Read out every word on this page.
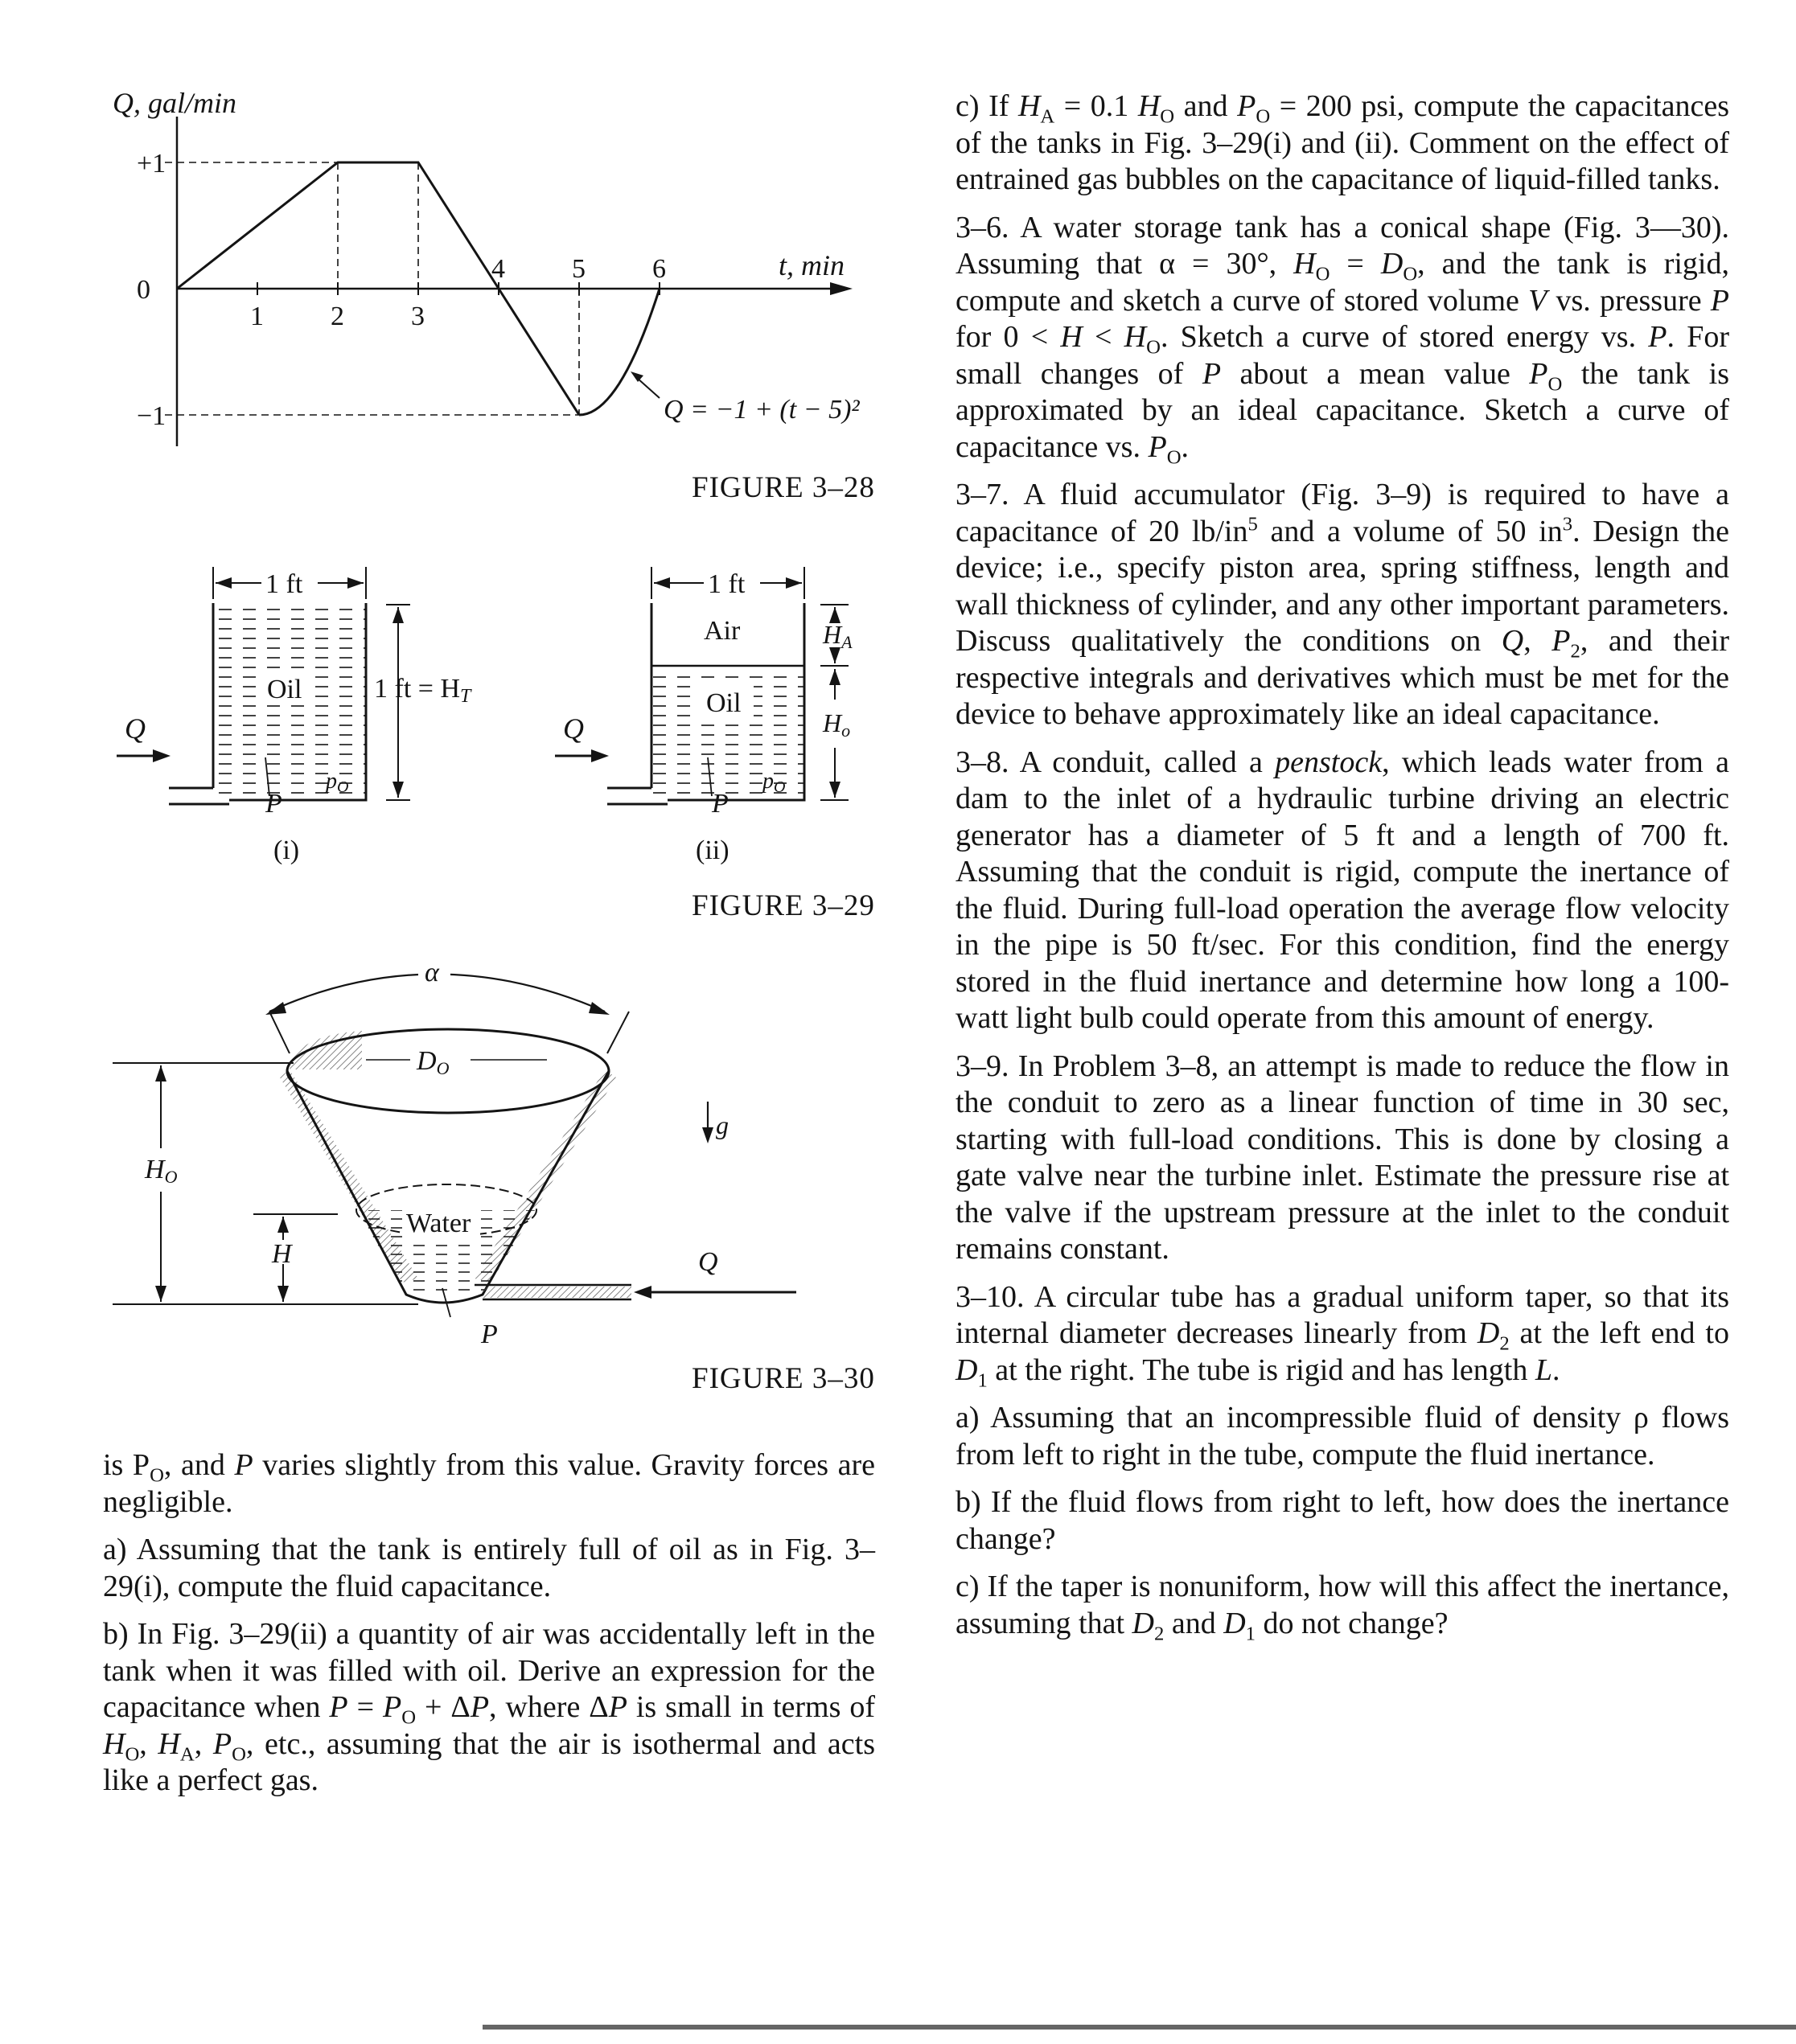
1 2 3
4 5 6
+1
0
−1
Q, gal/min
t, min
Q = −1 + (t − 5)²
FIGURE 3–28
1 ft
Oil	1 ft = HT
pO
Q
P
(i)
1 ft
Air
Oil
HA
Ho
pO
Q
P
(ii)
FIGURE 3–29
α
Q
DO
HO
H
Water
g
P
FIGURE 3–30

is $P_O$, and P varies slightly from this value. Gravity forces are negligible.

a) Assuming that the tank is entirely full of oil as in Fig. 3–29(i), compute the fluid capacitance.

b) In Fig. 3–29(ii) a quantity of air was accidentally left in the tank when it was filled with oil. Derive an expression for the capacitance when $P = P_O + \Delta P$, where ΔP is small in terms of $H_O$, $H_A$, $P_O$, etc., assuming that the air is isothermal and acts like a perfect gas.

c) If $H_A = 0.1$ $H_O$ and $P_O = 200$ psi, compute the capacitances of the tanks in Fig. 3–29(i) and (ii). Comment on the effect of entrained gas bubbles on the capacitance of liquid-filled tanks.

3–6. A water storage tank has a conical shape (Fig. 3—30). Assuming that α = 30°, $H_O = D_O$, and the tank is rigid, compute and sketch a curve of stored volume V vs. pressure P for $0 < H < H_O$. Sketch a curve of stored energy vs. P. For small changes of P about a mean value $P_O$ the tank is approximated by an ideal capacitance. Sketch a curve of capacitance vs. $P_O$.

3–7. A fluid accumulator (Fig. 3–9) is required to have a capacitance of 20 $lb/in^5$ and a volume of 50 $in^3$. Design the device; i.e., specify piston area, spring stiffness, length and wall thickness of cylinder, and any other important parameters. Discuss qualitatively the conditions on Q, $P_2$, and their respective integrals and derivatives which must be met for the device to behave approximately like an ideal capacitance.

3–8. A conduit, called a penstock, which leads water from a dam to the inlet of a hydraulic turbine driving an electric generator has a diameter of 5 ft and a length of 700 ft. Assuming that the conduit is rigid, compute the inertance of the fluid. During full-load operation the average flow velocity in the pipe is 50 ft/sec. For this condition, find the energy stored in the fluid inertance and determine how long a 100-watt light bulb could operate from this amount of energy.

3–9. In Problem 3–8, an attempt is made to reduce the flow in the conduit to zero as a linear function of time in 30 sec, starting with full-load conditions. This is done by closing a gate valve near the turbine inlet. Estimate the pressure rise at the valve if the upstream pressure at the inlet to the conduit remains constant.

3–10. A circular tube has a gradual uniform taper, so that its internal diameter decreases linearly from $D_2$ at the left end to $D_1$ at the right. The tube is rigid and has length L.

a) Assuming that an incompressible fluid of density ρ flows from left to right in the tube, compute the fluid inertance.

b) If the fluid flows from right to left, how does the inertance change?

c) If the taper is nonuniform, how will this affect the inertance, assuming that $D_2$ and $D_1$ do not change?
